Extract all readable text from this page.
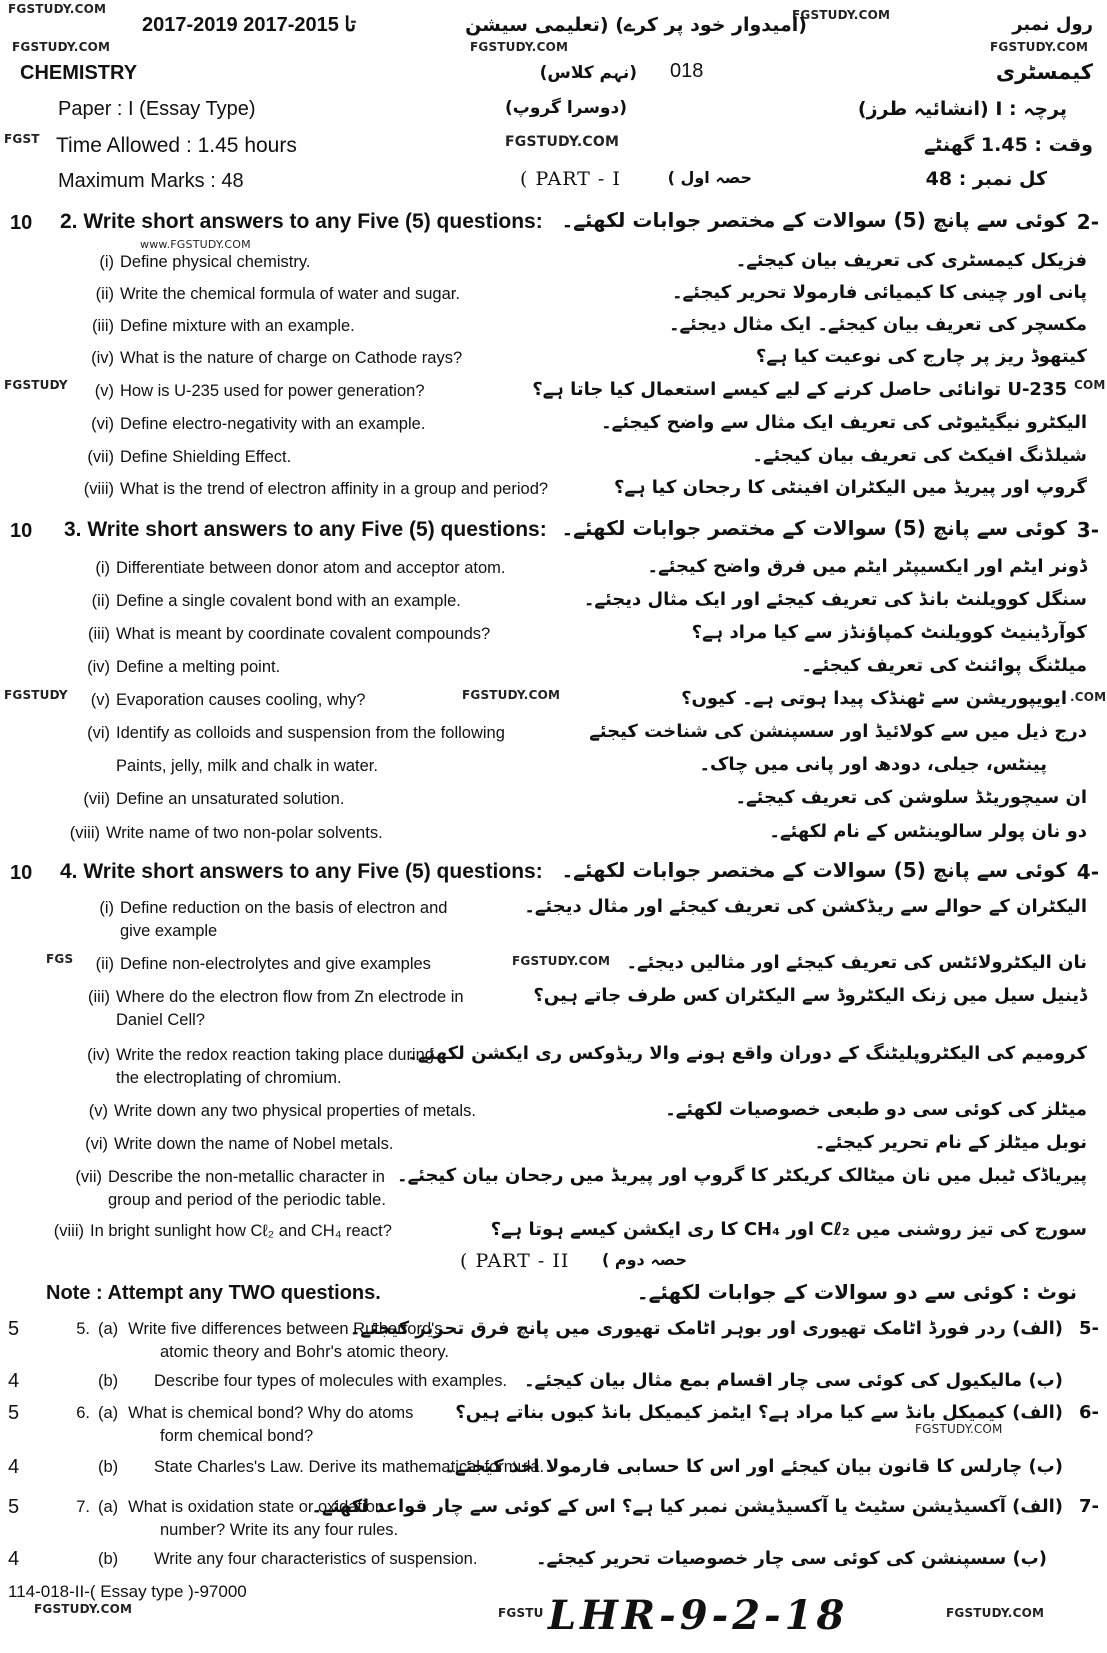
FGSTUDY.COM	FGSTUDY.COM
FGSTUDY.COM	FGSTUDY.COM	FGSTUDY.COM
FGST	FGSTUDY.COM
www.FGSTUDY.COM
FGSTUDY	COM
FGSTUDY	FGSTUDY.COM	.COM
FGS	FGSTUDY.COM
FGSTUDY.COM
FGSTUDY.COM	FGSTU	FGSTUDY.COM
2017-2019 تا 2015-2017	(امیدوار خود پر کرے) (تعلیمی سیشن	رول نمبر
CHEMISTRY	018
(نہم کلاس)	کیمسٹری
Paper : I (Essay Type)	(دوسرا گروپ)	پرچہ : I (انشائیہ طرز)
Time Allowed : 1.45 hours	وقت : 1.45 گھنٹے
Maximum Marks : 48	( PART - I	حصہ اول )	کل نمبر : 48
10 2. Write short answers to any Five (5) questions: کوئی سے پانچ (5) سوالات کے مختصر جوابات لکھئے۔ -2
(i) Define physical chemistry.	فزیکل کیمسٹری کی تعریف بیان کیجئے۔
(ii) Write the chemical formula of water and sugar.	پانی اور چینی کا کیمیائی فارمولا تحریر کیجئے۔
(iii) Define mixture with an example.	مکسچر کی تعریف بیان کیجئے۔ ایک مثال دیجئے۔
(iv) What is the nature of charge on Cathode rays?	کیتھوڈ ریز پر چارج کی نوعیت کیا ہے؟
(v) How is U-235 used for power generation?	U-235 توانائی حاصل کرنے کے لیے کیسے استعمال کیا جاتا ہے؟
(vi) Define electro-negativity with an example.	الیکٹرو نیگیٹیوٹی کی تعریف ایک مثال سے واضح کیجئے۔
(vii) Define Shielding Effect.	شیلڈنگ افیکٹ کی تعریف بیان کیجئے۔
(viii) What is the trend of electron affinity in a group and period?	گروپ اور پیریڈ میں الیکٹران افینٹی کا رجحان کیا ہے؟
10 3. Write short answers to any Five (5) questions: کوئی سے پانچ (5) سوالات کے مختصر جوابات لکھئے۔ -3
(i) Differentiate between donor atom and acceptor atom.	ڈونر ایٹم اور ایکسیپٹر ایٹم میں فرق واضح کیجئے۔
(ii) Define a single covalent bond with an example.	سنگل کوویلنٹ بانڈ کی تعریف کیجئے اور ایک مثال دیجئے۔
(iii) What is meant by coordinate covalent compounds?	کوآرڈینیٹ کوویلنٹ کمپاؤنڈز سے کیا مراد ہے؟
(iv) Define a melting point.	میلٹنگ پوائنٹ کی تعریف کیجئے۔
(v) Evaporation causes cooling, why?	ایویپوریشن سے ٹھنڈک پیدا ہوتی ہے۔ کیوں؟
(vi) Identify as colloids and suspension from the following	درج ذیل میں سے کولائیڈ اور سسپنشن کی شناخت کیجئے
Paints, jelly, milk and chalk in water.	پینٹس، جیلی، دودھ اور پانی میں چاک۔
(vii) Define an unsaturated solution.	ان سیچوریٹڈ سلوشن کی تعریف کیجئے۔
(viii) Write name of two non-polar solvents.	دو نان پولر سالوینٹس کے نام لکھئے۔
10 4. Write short answers to any Five (5) questions: کوئی سے پانچ (5) سوالات کے مختصر جوابات لکھئے۔ -4
(i) Define reduction on the basis of electron and
give example
الیکٹران کے حوالے سے ریڈکشن کی تعریف کیجئے اور مثال دیجئے۔
(ii) Define non-electrolytes and give examples	نان الیکٹرولائٹس کی تعریف کیجئے اور مثالیں دیجئے۔
(iii) Where do the electron flow from Zn electrode in
Daniel Cell?
ڈینیل سیل میں زنک الیکٹروڈ سے الیکٹران کس طرف جاتے ہیں؟
(iv) Write the redox reaction taking place during
the electroplating of chromium.
کرومیم کی الیکٹروپلیٹنگ کے دوران واقع ہونے والا ریڈوکس ری ایکشن لکھئے۔
(v) Write down any two physical properties of metals.	میٹلز کی کوئی سی دو طبعی خصوصیات لکھئے۔
(vi) Write down the name of Nobel metals.	نوبل میٹلز کے نام تحریر کیجئے۔
(vii) Describe the non-metallic character in
group and period of the periodic table.
پیریاڈک ٹیبل میں نان میٹالک کریکٹر کا گروپ اور پیریڈ میں رجحان بیان کیجئے۔
(viii) In bright sunlight how Cℓ₂ and CH₄ react?	سورج کی تیز روشنی میں Cℓ₂ اور CH₄ کا ری ایکشن کیسے ہوتا ہے؟
( PART - II حصہ دوم )
Note : Attempt any TWO questions.	نوٹ : کوئی سے دو سوالات کے جوابات لکھئے۔
5	5. (a) Write five differences between Rutherford's
atomic theory and Bohr's atomic theory.
(الف) ردر فورڈ اٹامک تھیوری اور بوہر اٹامک تھیوری میں پانچ فرق تحریر کیجئے۔ -5
4	(b) Describe four types of molecules with examples. (ب) مالیکیول کی کوئی سی چار اقسام بمع مثال بیان کیجئے۔
5	6. (a) What is chemical bond? Why do atoms
form chemical bond?
(الف) کیمیکل بانڈ سے کیا مراد ہے؟ ایٹمز کیمیکل بانڈ کیوں بناتے ہیں؟ -6
4	(b) State Charles's Law. Derive its mathematical formula.
(ب) چارلس کا قانون بیان کیجئے اور اس کا حسابی فارمولا اخذ کیجئے۔
5	7. (a) What is oxidation state or oxidation
number? Write its any four rules.
(الف) آکسیڈیشن سٹیٹ یا آکسیڈیشن نمبر کیا ہے؟ اس کے کوئی سے چار قواعد لکھئے۔ -7
4	(b) Write any four characteristics of suspension.	(ب) سسپنشن کی کوئی سی چار خصوصیات تحریر کیجئے۔
114-018-II-( Essay type )-97000
LHR-9-2-18
